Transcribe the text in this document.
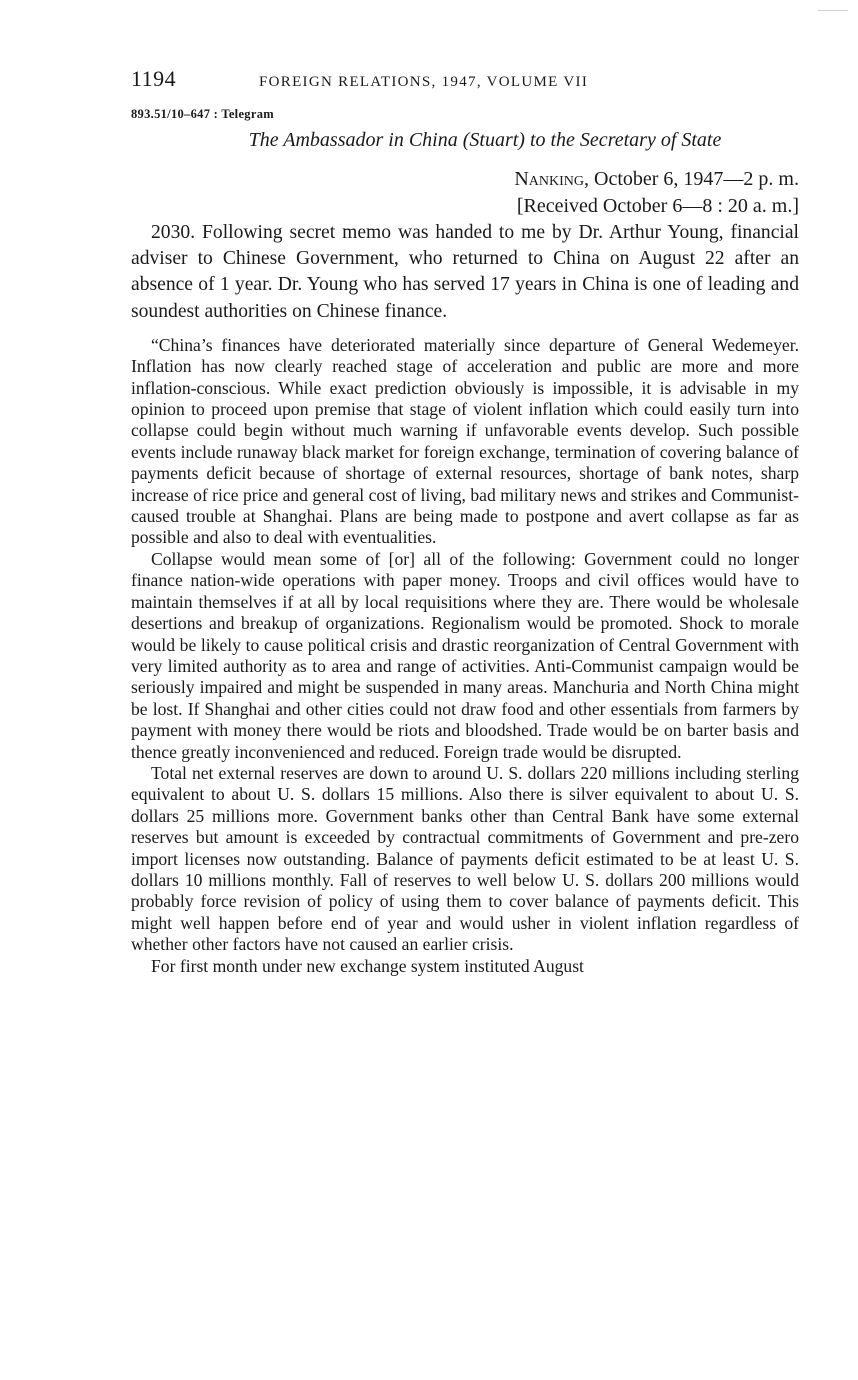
1194	FOREIGN RELATIONS, 1947, VOLUME VII
893.51/10–647 : Telegram
The Ambassador in China (Stuart) to the Secretary of State
Nanking, October 6, 1947—2 p. m.
[Received October 6—8 : 20 a. m.]

2030. Following secret memo was handed to me by Dr. Arthur Young, financial adviser to Chinese Government, who returned to China on August 22 after an absence of 1 year. Dr. Young who has served 17 years in China is one of leading and soundest authorities on Chinese finance.

“China’s finances have deteriorated materially since departure of General Wedemeyer. Inflation has now clearly reached stage of acceleration and public are more and more inflation-conscious. While exact prediction obviously is impossible, it is advisable in my opinion to proceed upon premise that stage of violent inflation which could easily turn into collapse could begin without much warning if unfavorable events develop. Such possible events include runaway black market for foreign exchange, termination of covering balance of payments deficit because of shortage of external resources, shortage of bank notes, sharp increase of rice price and general cost of living, bad military news and strikes and Communist-caused trouble at Shanghai. Plans are being made to postpone and avert collapse as far as possible and also to deal with eventualities.

Collapse would mean some of [or] all of the following: Government could no longer finance nation-wide operations with paper money. Troops and civil offices would have to maintain themselves if at all by local requisitions where they are. There would be wholesale desertions and breakup of organizations. Regionalism would be promoted. Shock to morale would be likely to cause political crisis and drastic reorganization of Central Government with very limited authority as to area and range of activities. Anti-Communist campaign would be seriously impaired and might be suspended in many areas. Manchuria and North China might be lost. If Shanghai and other cities could not draw food and other essentials from farmers by payment with money there would be riots and bloodshed. Trade would be on barter basis and thence greatly inconvenienced and reduced. Foreign trade would be disrupted.

Total net external reserves are down to around U. S. dollars 220 millions including sterling equivalent to about U. S. dollars 15 millions. Also there is silver equivalent to about U. S. dollars 25 millions more. Government banks other than Central Bank have some external reserves but amount is exceeded by contractual commitments of Government and pre-zero import licenses now outstanding. Balance of payments deficit estimated to be at least U. S. dollars 10 millions monthly. Fall of reserves to well below U. S. dollars 200 millions would probably force revision of policy of using them to cover balance of payments deficit. This might well happen before end of year and would usher in violent inflation regardless of whether other factors have not caused an earlier crisis.

For first month under new exchange system instituted August
